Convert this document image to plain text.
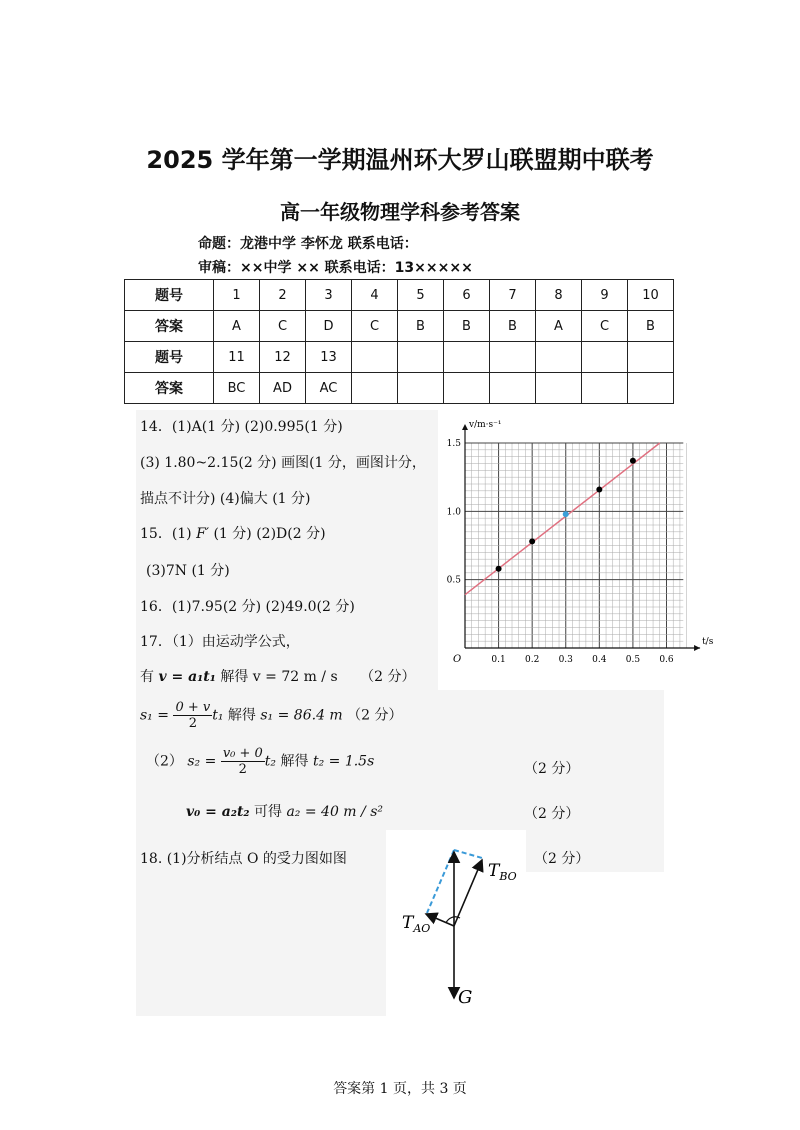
2025 学年第一学期温州环大罗山联盟期中联考
高一年级物理学科参考答案
命题：龙港中学 李怀龙 联系电话：
审稿：××中学 ×× 联系电话：13×××××
题号	1	2	3	4	5	6	7	8	9	10
答案	A	C	D	C	B	B	B	A	C	B
题号	11	12	13							
答案	BC	AD	AC							
14．(1)A(1 分) (2)0.995(1 分)
(3) 1.80~2.15(2 分) 画图(1 分，画图计分，
描点不计分) (4)偏大 (1 分)
15．(1) F′ (1 分) (2)D(2 分)
(3)7N (1 分)
16．(1)7.95(2 分) (2)49.0(2 分)
17．（1）由运动学公式，
有 v = a₁t₁ 解得 v = 72 m / s （2 分）
$s_1 = \frac{0 + v}{2} t_1$ 解得 s₁ = 86.4 m （2 分）
（2） $s_2 = \frac{\text{v₀ + 0}}{2} t_2$ 解得 t₂ = 1.5s	（2 分）
v₀ = a₂t₂ 可得 a₂ = 40 m / s²	（2 分）
18. (1)分析结点 O 的受力图如图	（2 分）
$T_{BO}$
$T_{AO}$
G
0.1 0.2 0.3 0.4 0.5 0.6
0.5
1.0
1.5
O
v/m·s⁻¹
t/s
答案第 1 页，共 3 页
